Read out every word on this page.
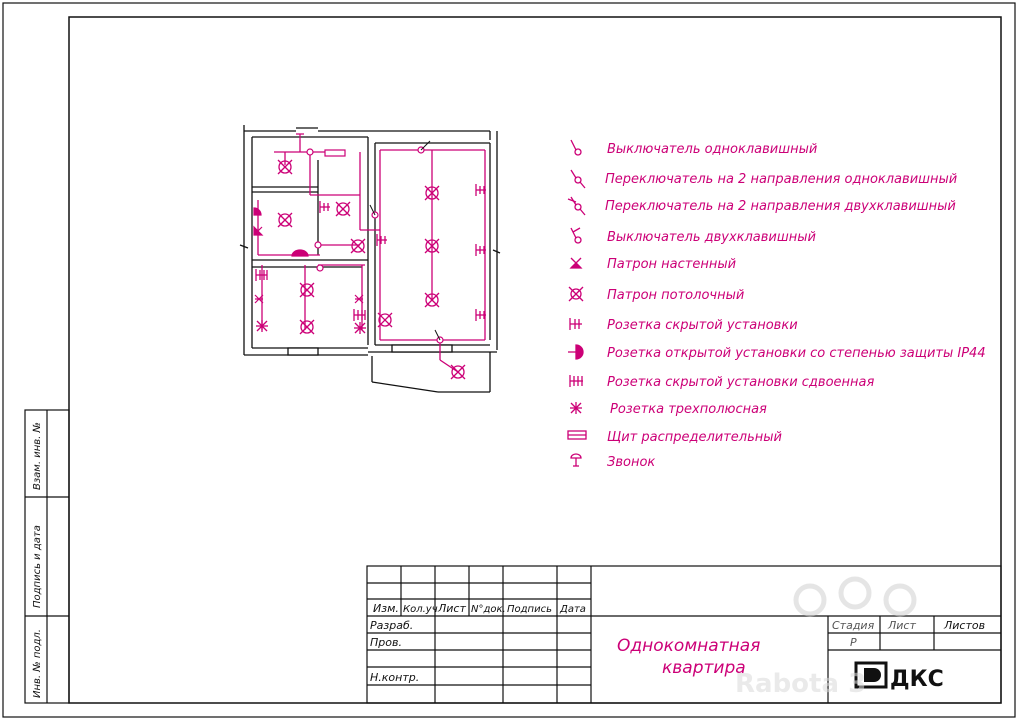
Взам. инв. №
Подпись и дата
Инв. № подл.
Изм. Кол.уч Лист N°док. Подпись Дата
Разраб.
Пров.
Н.контр.
Стадия Лист	Листов
Р
Однокомнатная
квартира	ДКС
Rabota 3
Выключатель одноклавишный
Переключатель на 2 направления одноклавишный
Переключатель на 2 направления двухклавишный
Выключатель двухклавишный
Патрон настенный
Патрон потолочный
Розетка скрытой установки
Розетка открытой установки со степенью защиты IP44
Розетка скрытой установки сдвоенная
Розетка трехполюсная
Щит распределительный
Звонок
